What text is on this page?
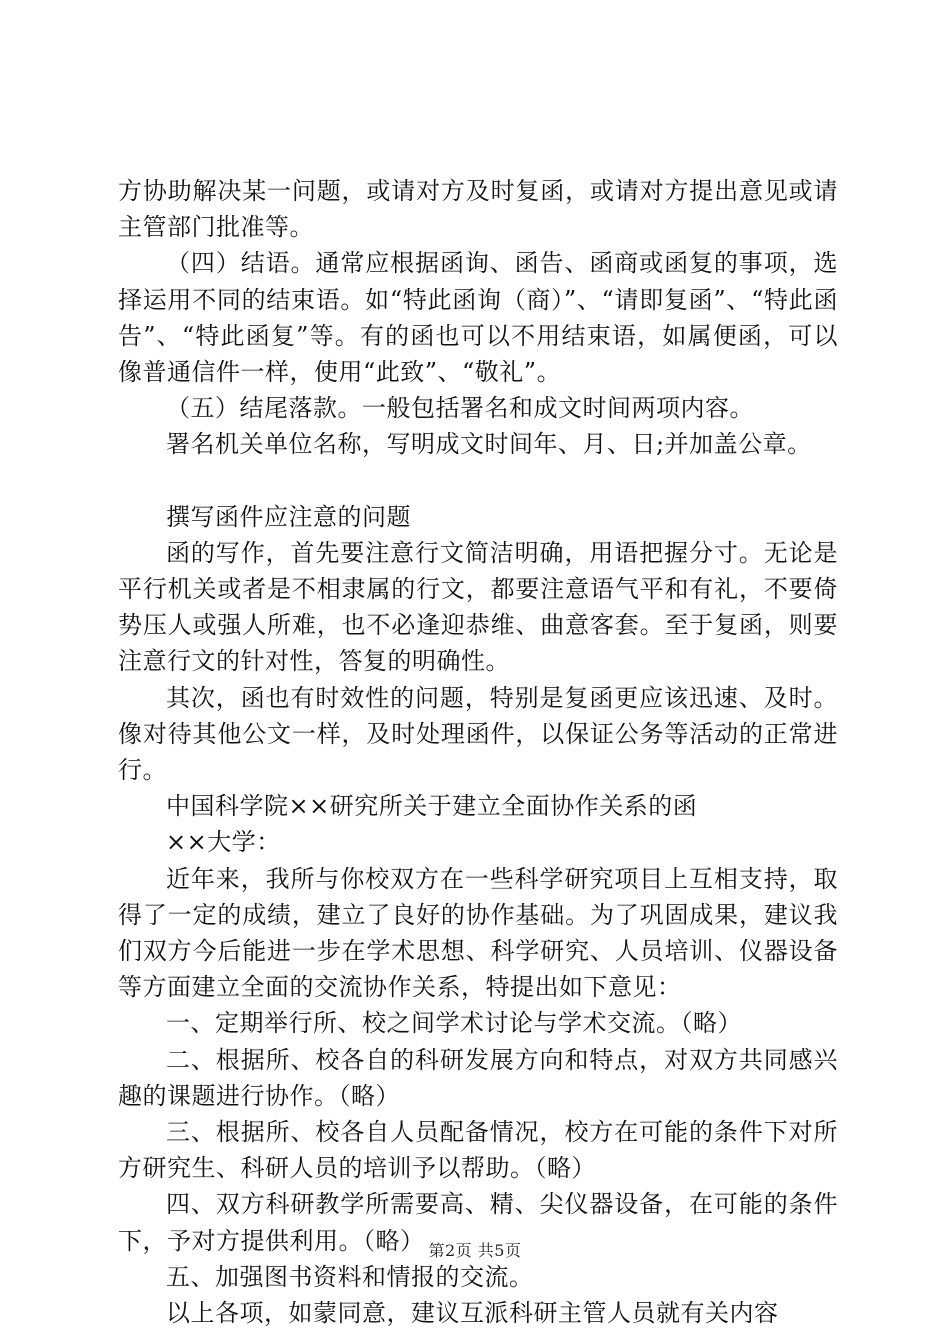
方协助解决某一问题，或请对方及时复函，或请对方提出意见或请主管部门批准等。

（四）结语。通常应根据函询、函告、函商或函复的事项，选择运用不同的结束语。如“特此函询（商）”、“请即复函”、“特此函告”、“特此函复”等。有的函也可以不用结束语，如属便函，可以像普通信件一样，使用“此致”、“敬礼”。

（五）结尾落款。一般包括署名和成文时间两项内容。

署名机关单位名称，写明成文时间年、月、日;并加盖公章。

撰写函件应注意的问题

函的写作，首先要注意行文简洁明确，用语把握分寸。无论是平行机关或者是不相隶属的行文，都要注意语气平和有礼，不要倚势压人或强人所难，也不必逢迎恭维、曲意客套。至于复函，则要注意行文的针对性，答复的明确性。

其次，函也有时效性的问题，特别是复函更应该迅速、及时。像对待其他公文一样，及时处理函件，以保证公务等活动的正常进行。

中国科学院××研究所关于建立全面协作关系的函

××大学：

近年来，我所与你校双方在一些科学研究项目上互相支持，取得了一定的成绩，建立了良好的协作基础。为了巩固成果，建议我们双方今后能进一步在学术思想、科学研究、人员培训、仪器设备等方面建立全面的交流协作关系，特提出如下意见：

一、定期举行所、校之间学术讨论与学术交流。（略）

二、根据所、校各自的科研发展方向和特点，对双方共同感兴趣的课题进行协作。（略）

三、根据所、校各自人员配备情况，校方在可能的条件下对所方研究生、科研人员的培训予以帮助。（略）

四、双方科研教学所需要高、精、尖仪器设备，在可能的条件下，予对方提供利用。（略）

五、加强图书资料和情报的交流。

以上各项，如蒙同意，建议互派科研主管人员就有关内容

第2页 共5页
